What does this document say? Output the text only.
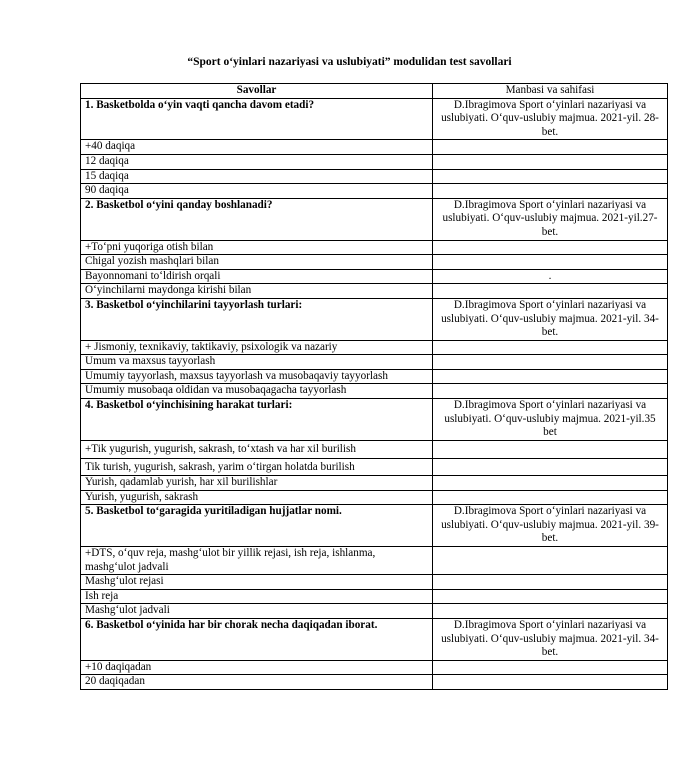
“Sport o‘yinlari nazariyasi va uslubiyati” modulidan test savollari
Savollar	Manbasi va sahifasi
1. Basketbolda o‘yin vaqti qancha davom etadi?	D.Ibragimova Sport o‘yinlari nazariyasi va uslubiyati. O‘quv-uslubiy majmua. 2021-yil. 28-bet.
+40 daqiqa	
12 daqiqa	
15 daqiqa	
90 daqiqa	
2. Basketbol o‘yini qanday boshlanadi?	D.Ibragimova Sport o‘yinlari nazariyasi va uslubiyati. O‘quv-uslubiy majmua. 2021-yil.27-bet.
+To‘pni yuqoriga otish bilan	
Chigal yozish mashqlari bilan	
Bayonnomani to‘ldirish orqali	.
O‘yinchilarni maydonga kirishi bilan	
3. Basketbol o‘yinchilarini tayyorlash turlari:	D.Ibragimova Sport o‘yinlari nazariyasi va uslubiyati. O‘quv-uslubiy majmua. 2021-yil. 34-bet.
+ Jismoniy, texnikaviy, taktikaviy, psixologik va nazariy	
Umum va maxsus tayyorlash	
Umumiy tayyorlash, maxsus tayyorlash va musobaqaviy tayyorlash	
Umumiy musobaqa oldidan va musobaqagacha tayyorlash	
4. Basketbol o‘yinchisining harakat turlari:	D.Ibragimova Sport o‘yinlari nazariyasi va uslubiyati. O‘quv-uslubiy majmua. 2021-yil.35 bet
+Tik yugurish, yugurish, sakrash, to‘xtash va har xil burilish	
Tik turish, yugurish, sakrash, yarim o‘tirgan holatda burilish	
Yurish, qadamlab yurish, har xil burilishlar	
Yurish, yugurish, sakrash	
5. Basketbol to‘garagida yuritiladigan hujjatlar nomi.	D.Ibragimova Sport o‘yinlari nazariyasi va uslubiyati. O‘quv-uslubiy majmua. 2021-yil. 39-bet.
+DTS, o‘quv reja, mashg‘ulot bir yillik rejasi, ish reja, ishlanma, mashg‘ulot jadvali	
Mashg‘ulot rejasi	
Ish reja	
Mashg‘ulot jadvali	
6. Basketbol o‘yinida har bir chorak necha daqiqadan iborat.	D.Ibragimova Sport o‘yinlari nazariyasi va uslubiyati. O‘quv-uslubiy majmua. 2021-yil. 34-bet.
+10 daqiqadan	
20 daqiqadan	
